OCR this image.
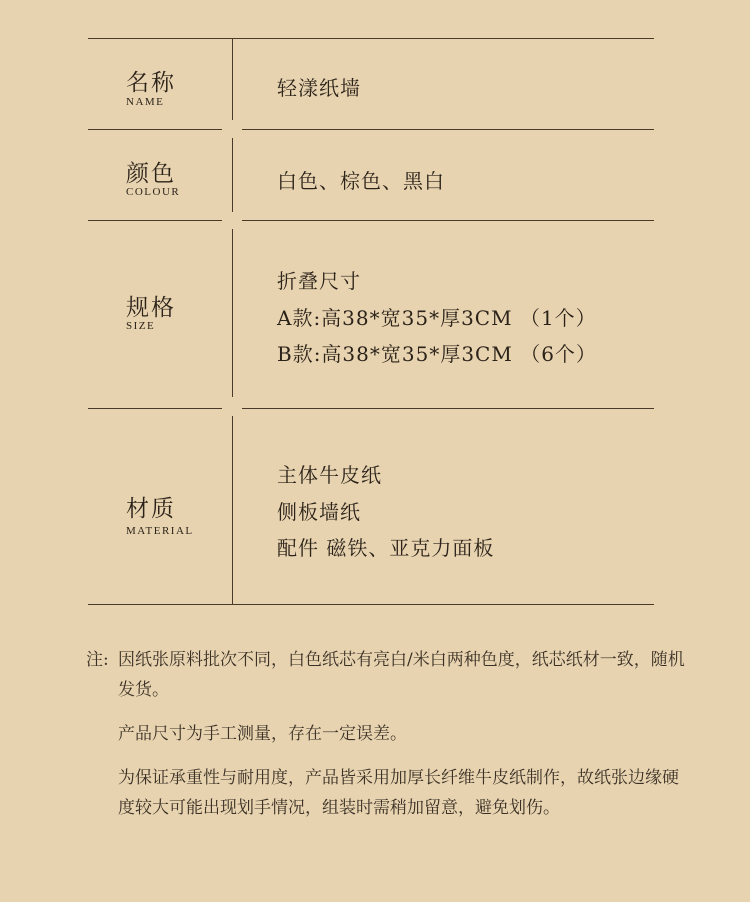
名称
NAME
轻漾纸墙
颜色
COLOUR	白色、棕色、黑白
规格
SIZE
折叠尺寸
A款:高38*宽35*厚3CM （1个）
B款:高38*宽35*厚3CM （6个）
材质
MATERIAL
主体牛皮纸
侧板墙纸
配件 磁铁、亚克力面板
注: 因纸张原料批次不同，白色纸芯有亮白/米白两种色度，纸芯纸材一致，随机发货。
产品尺寸为手工测量，存在一定误差。
为保证承重性与耐用度，产品皆采用加厚长纤维牛皮纸制作，故纸张边缘硬度较大可能出现划手情况，组装时需稍加留意，避免划伤。
